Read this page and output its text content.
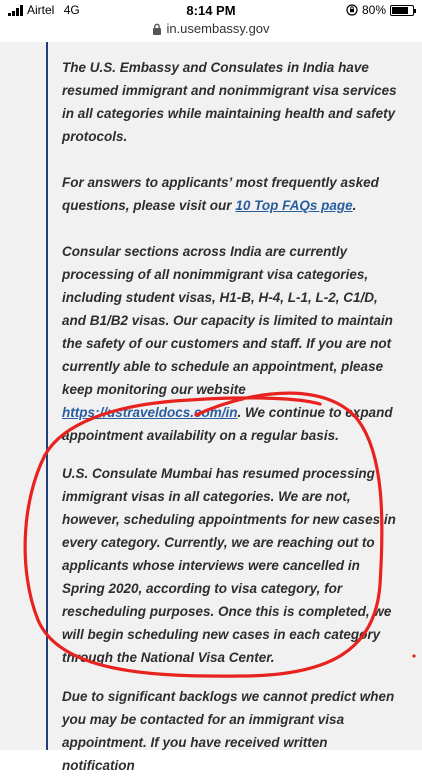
Airtel 4G	8:14 PM	80%
in.usembassy.gov

The U.S. Embassy and Consulates in India have resumed immigrant and nonimmigrant visa services in all categories while maintaining health and safety protocols.

For answers to applicants’ most frequently asked questions, please visit our 10 Top FAQs page.

Consular sections across India are currently processing of all nonimmigrant visa categories, including student visas, H1-B, H-4, L-1, L-2, C1/D, and B1/B2 visas. Our capacity is limited to maintain the safety of our customers and staff. If you are not currently able to schedule an appointment, please keep monitoring our website https://ustraveldocs.com/in. We continue to expand appointment availability on a regular basis.

U.S. Consulate Mumbai has resumed processing immigrant visas in all categories. We are not, however, scheduling appointments for new cases in every category. Currently, we are reaching out to applicants whose interviews were cancelled in Spring 2020, according to visa category, for rescheduling purposes. Once this is completed, we will begin scheduling new cases in each category through the National Visa Center.

Due to significant backlogs we cannot predict when you may be contacted for an immigrant visa appointment. If you have received written notification
